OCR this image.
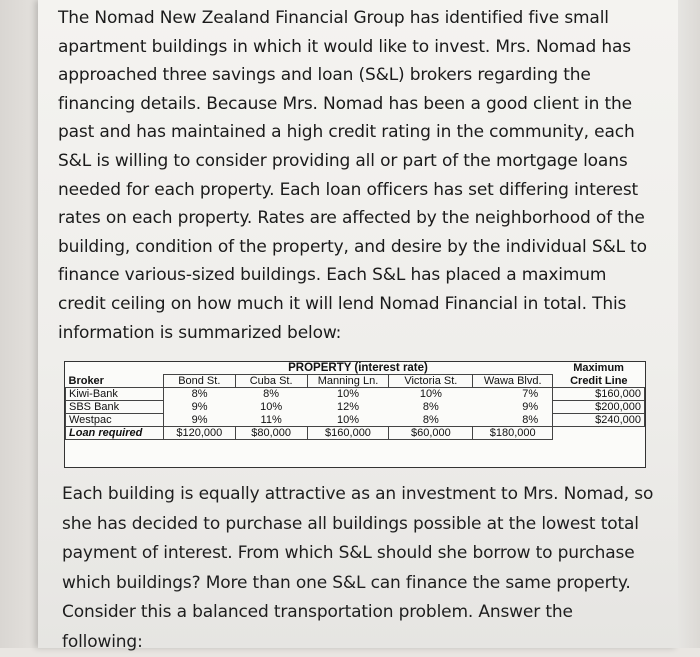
The Nomad New Zealand Financial Group has identified five small
apartment buildings in which it would like to invest. Mrs. Nomad has
approached three savings and loan (S&L) brokers regarding the
financing details. Because Mrs. Nomad has been a good client in the
past and has maintained a high credit rating in the community, each
S&L is willing to consider providing all or part of the mortgage loans
needed for each property. Each loan officers has set differing interest
rates on each property. Rates are affected by the neighborhood of the
building, condition of the property, and desire by the individual S&L to
finance various-sized buildings. Each S&L has placed a maximum
credit ceiling on how much it will lend Nomad Financial in total. This
information is summarized below:

	PROPERTY (interest rate)					Maximum
Broker	Bond St.	Cuba St.	Manning Ln.	Victoria St.	Wawa Blvd.	Credit Line
Kiwi-Bank	8%	8%	10%	10%	7%	$160,000
SBS Bank	9%	10%	12%	8%	9%	$200,000
Westpac	9%	11%	10%	8%	8%	$240,000
Loan required	$120,000	$80,000	$160,000	$60,000	$180,000	

Each building is equally attractive as an investment to Mrs. Nomad, so
she has decided to purchase all buildings possible at the lowest total
payment of interest. From which S&L should she borrow to purchase
which buildings? More than one S&L can finance the same property.
Consider this a balanced transportation problem. Answer the
following:
